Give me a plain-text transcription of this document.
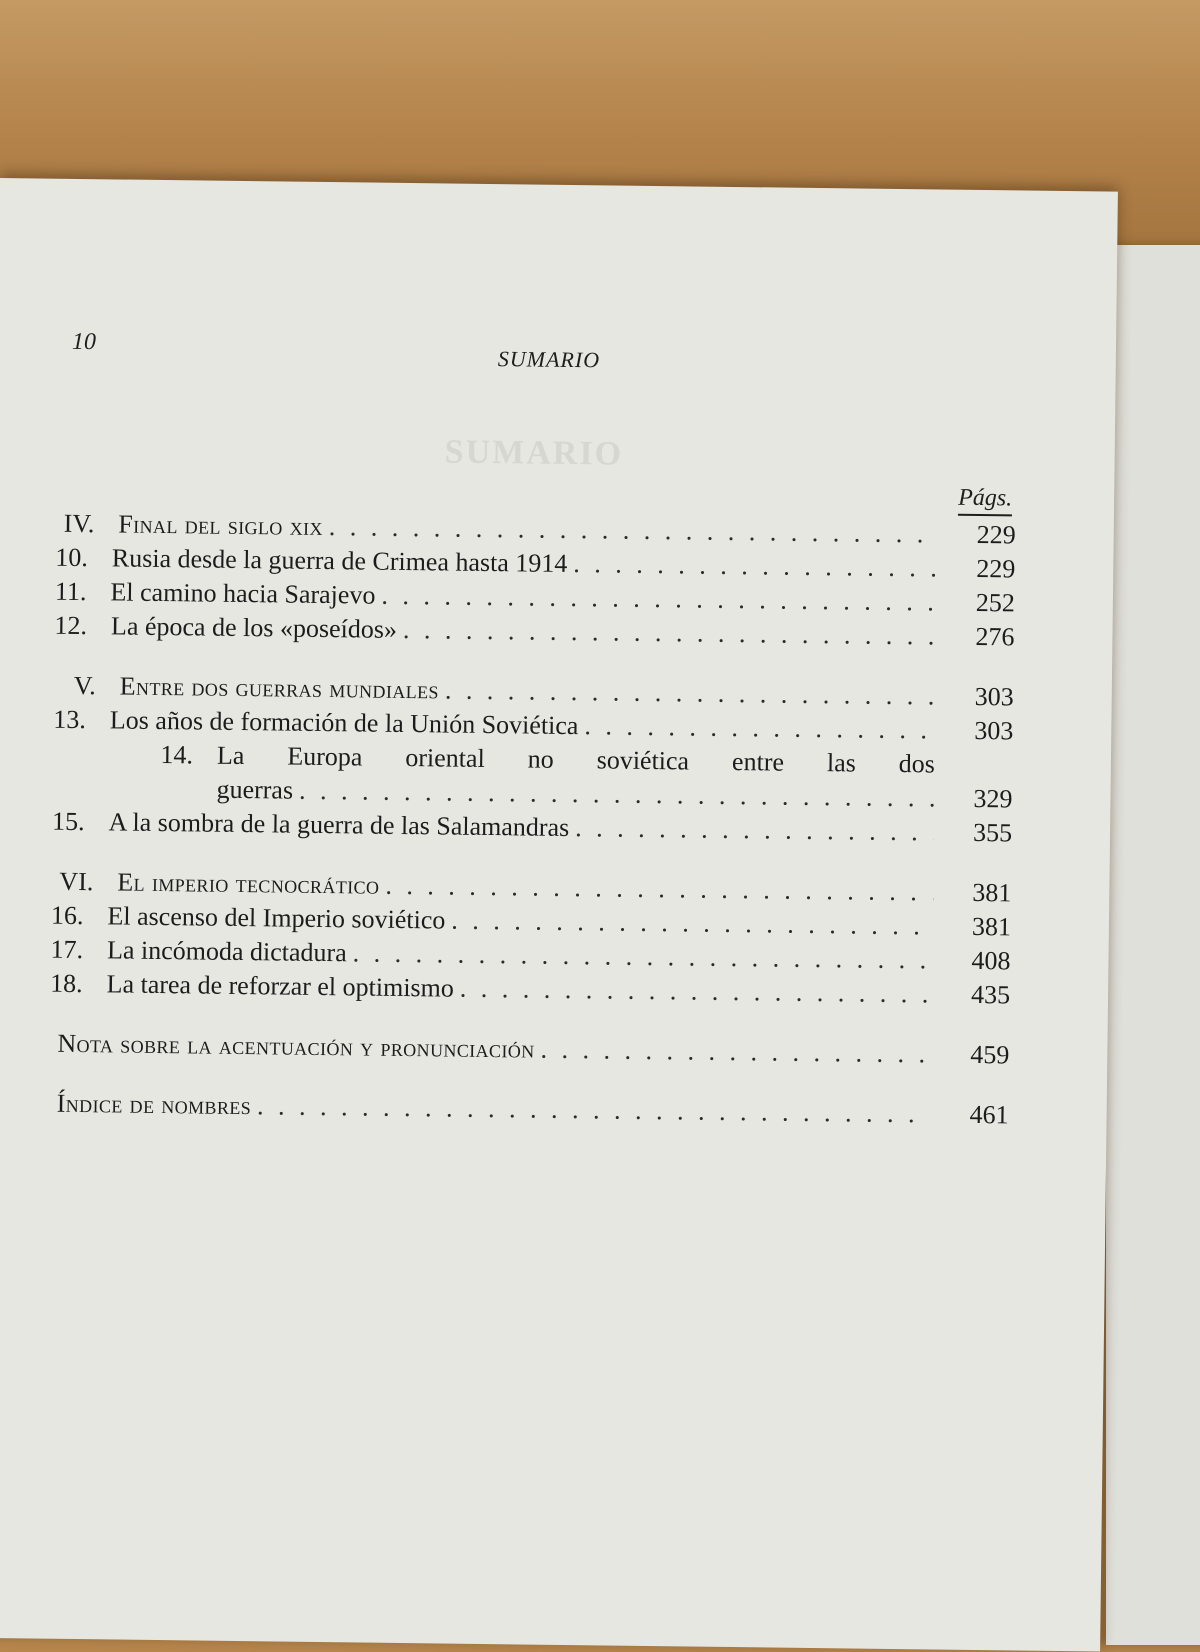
10
SUMARIO
SUMARIO
Págs.
IV. Final del siglo xix . . .	229
10. Rusia desde la guerra de Crimea hasta 1914 . . .	229
11. El camino hacia Sarajevo . . .	252
12. La época de los «poseídos» . . .	276
V. Entre dos guerras mundiales . . .	303
13. Los años de formación de la Unión Soviética . . .	303
14. La Europa oriental no soviética entre las dos
guerras . . .	329
15. A la sombra de la guerra de las Salamandras . . .	355
VI. El imperio tecnocrático . . .	381
16. El ascenso del Imperio soviético . . .	381
17. La incómoda dictadura . . .	408
18. La tarea de reforzar el optimismo . . .	435
Nota sobre la acentuación y pronunciación . . .	459
Índice de nombres . . .	461
